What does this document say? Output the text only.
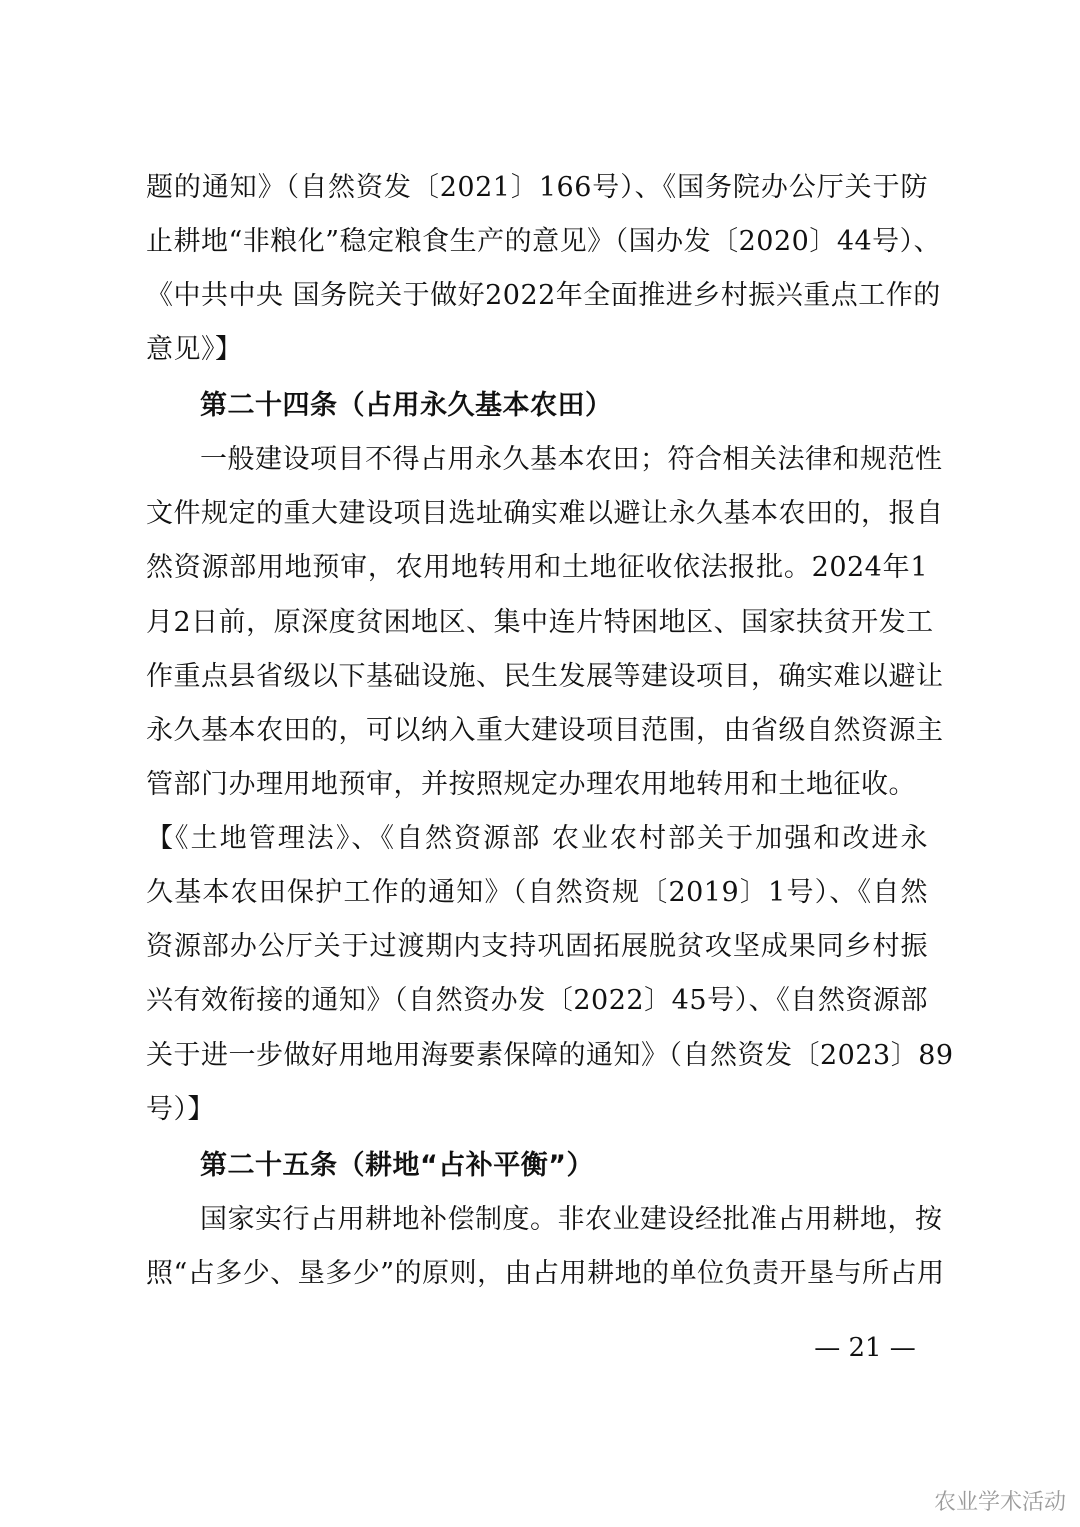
题的通知》（自然资发〔2021〕166号）、《国务院办公厅关于防
止耕地“非粮化”稳定粮食生产的意见》（国办发〔2020〕44号）、
《中共中央 国务院关于做好2022年全面推进乡村振兴重点工作的
意见》】
第二十四条（占用永久基本农田）
一般建设项目不得占用永久基本农田；符合相关法律和规范性
文件规定的重大建设项目选址确实难以避让永久基本农田的，报自
然资源部用地预审，农用地转用和土地征收依法报批。2024年1
月2日前，原深度贫困地区、集中连片特困地区、国家扶贫开发工
作重点县省级以下基础设施、民生发展等建设项目，确实难以避让
永久基本农田的，可以纳入重大建设项目范围，由省级自然资源主
管部门办理用地预审，并按照规定办理农用地转用和土地征收。
【《土地管理法》、《自然资源部 农业农村部关于加强和改进永
久基本农田保护工作的通知》（自然资规〔2019〕1号）、《自然
资源部办公厅关于过渡期内支持巩固拓展脱贫攻坚成果同乡村振
兴有效衔接的通知》（自然资办发〔2022〕45号）、《自然资源部
关于进一步做好用地用海要素保障的通知》（自然资发〔2023〕89
号）】
第二十五条（耕地“占补平衡”）
国家实行占用耕地补偿制度。非农业建设经批准占用耕地，按
照“占多少、垦多少”的原则，由占用耕地的单位负责开垦与所占用
— 21 —
农业学术活动
